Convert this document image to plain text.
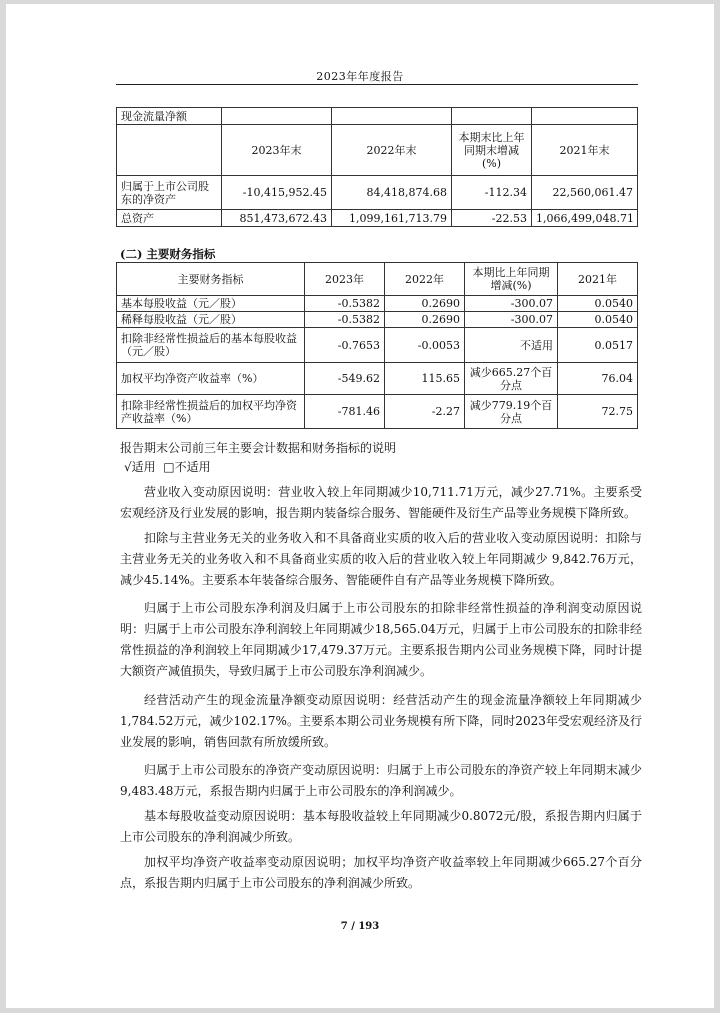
2023年年度报告
现金流量净额				
	2023年末	2022年末	本期末比上年同期末增减(%)	2021年末
归属于上市公司股东的净资产	-10,415,952.45	84,418,874.68	-112.34	22,560,061.47
总资产	851,473,672.43	1,099,161,713.79	-22.53	1,066,499,048.71
(二) 主要财务指标
主要财务指标	2023年	2022年	本期比上年同期增减(%)	2021年
基本每股收益（元／股）	-0.5382	0.2690	-300.07	0.0540
稀释每股收益（元／股）	-0.5382	0.2690	-300.07	0.0540
扣除非经常性损益后的基本每股收益（元／股）	-0.7653	-0.0053	不适用	0.0517
加权平均净资产收益率（%）	-549.62	115.65	减少665.27个百分点	76.04
扣除非经常性损益后的加权平均净资产收益率（%）	-781.46	-2.27	减少779.19个百分点	72.75
报告期末公司前三年主要会计数据和财务指标的说明
√适用 □不适用
营业收入变动原因说明：营业收入较上年同期减少10,711.71万元，减少27.71%。主要系受宏观经济及行业发展的影响，报告期内装备综合服务、智能硬件及衍生产品等业务规模下降所致。
扣除与主营业务无关的业务收入和不具备商业实质的收入后的营业收入变动原因说明：扣除与主营业务无关的业务收入和不具备商业实质的收入后的营业收入较上年同期减少 9,842.76万元，减少45.14%。主要系本年装备综合服务、智能硬件自有产品等业务规模下降所致。
归属于上市公司股东净利润及归属于上市公司股东的扣除非经常性损益的净利润变动原因说明：归属于上市公司股东净利润较上年同期减少18,565.04万元，归属于上市公司股东的扣除非经常性损益的净利润较上年同期减少17,479.37万元。主要系报告期内公司业务规模下降，同时计提大额资产减值损失，导致归属于上市公司股东净利润减少。
经营活动产生的现金流量净额变动原因说明：经营活动产生的现金流量净额较上年同期减少1,784.52万元，减少102.17%。主要系本期公司业务规模有所下降，同时2023年受宏观经济及行业发展的影响，销售回款有所放缓所致。
归属于上市公司股东的净资产变动原因说明：归属于上市公司股东的净资产较上年同期末减少9,483.48万元，系报告期内归属于上市公司股东的净利润减少。
基本每股收益变动原因说明：基本每股收益较上年同期减少0.8072元/股，系报告期内归属于上市公司股东的净利润减少所致。
加权平均净资产收益率变动原因说明；加权平均净资产收益率较上年同期减少665.27个百分点，系报告期内归属于上市公司股东的净利润减少所致。
7 / 193
